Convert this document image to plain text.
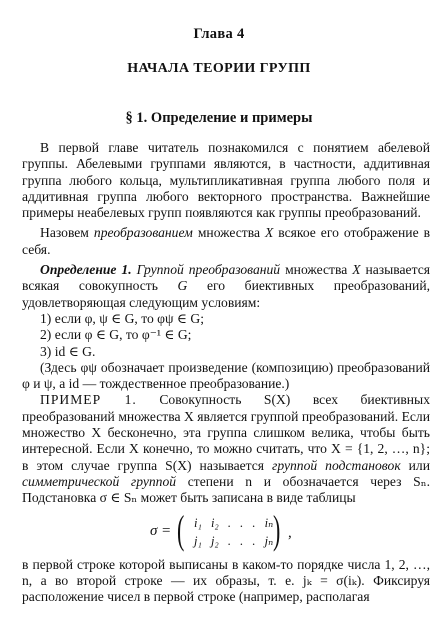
Глава 4
НАЧАЛА ТЕОРИИ ГРУПП
§ 1. Определение и примеры

В первой главе читатель познакомился с понятием абелевой группы. Абелевыми группами являются, в частности, аддитивная группа любого кольца, мультипликативная группа любого поля и аддитивная группа любого векторного пространства. Важнейшие примеры неабелевых групп появляются как группы преобразований.

Назовем преобразованием множества X всякое его отображение в себя.

Определение 1. Группой преобразований множества X называется всякая совокупность G его биективных преобразований, удовлетворяющая следующим условиям:

1) если φ, ψ ∈ G, то φψ ∈ G;

2) если φ ∈ G, то φ⁻¹ ∈ G;

3) id ∈ G.

(Здесь φψ обозначает произведение (композицию) преобразований φ и ψ, а id — тождественное преобразование.)

ПРИМЕР 1. Совокупность S(X) всех биективных преобразований множества X является группой преобразований. Если множество X бесконечно, эта группа слишком велика, чтобы быть интересной. Если X конечно, то можно считать, что X = {1, 2, …, n}; в этом случае группа S(X) называется группой подстановок или симметрической группой степени n и обозначается через Sₙ. Подстановка σ ∈ Sₙ может быть записана в виде таблицы

σ = ( i₁ i₂ . . . iₙ
j₁ j₂ . . . jₙ ) ,

в первой строке которой выписаны в каком-то порядке числа 1, 2, …, n, а во второй строке — их образы, т. е. jₖ = σ(iₖ). Фиксируя расположение чисел в первой строке (например, располагая
